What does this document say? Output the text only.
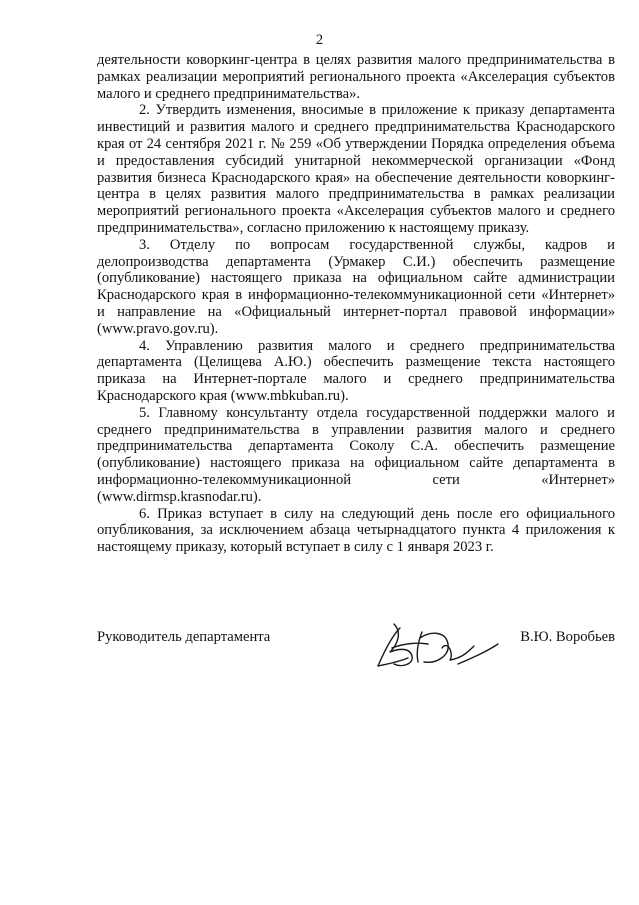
2

деятельности коворкинг-центра в целях развития малого предпринимательства в рамках реализации мероприятий регионального проекта «Акселерация субъектов малого и среднего предпринимательства».

2. Утвердить изменения, вносимые в приложение к приказу департамента инвестиций и развития малого и среднего предпринимательства Краснодарского края от 24 сентября 2021 г. № 259 «Об утверждении Порядка определения объема и предоставления субсидий унитарной некоммерческой организации «Фонд развития бизнеса Краснодарского края» на обеспечение деятельности коворкинг-центра в целях развития малого предпринимательства в рамках реализации мероприятий регионального проекта «Акселерация субъектов малого и среднего предпринимательства», согласно приложению к настоящему приказу.

3. Отделу по вопросам государственной службы, кадров и делопроизводства департамента (Урмакер С.И.) обеспечить размещение (опубликование) настоящего приказа на официальном сайте администрации Краснодарского края в информационно-телекоммуникационной сети «Интернет» и направление на «Официальный интернет-портал правовой информации» (www.pravo.gov.ru).

4. Управлению развития малого и среднего предпринимательства департамента (Целищева А.Ю.) обеспечить размещение текста настоящего приказа на Интернет-портале малого и среднего предпринимательства Краснодарского края (www.mbkuban.ru).

5. Главному консультанту отдела государственной поддержки малого и среднего предпринимательства в управлении развития малого и среднего предпринимательства департамента Соколу С.А. обеспечить размещение (опубликование) настоящего приказа на официальном сайте департамента в информационно-телекоммуникационной сети «Интернет» (www.dirmsp.krasnodar.ru).

6. Приказ вступает в силу на следующий день после его официального опубликования, за исключением абзаца четырнадцатого пункта 4 приложения к настоящему приказу, который вступает в силу с 1 января 2023 г.

Руководитель департамента	В.Ю. Воробьев
